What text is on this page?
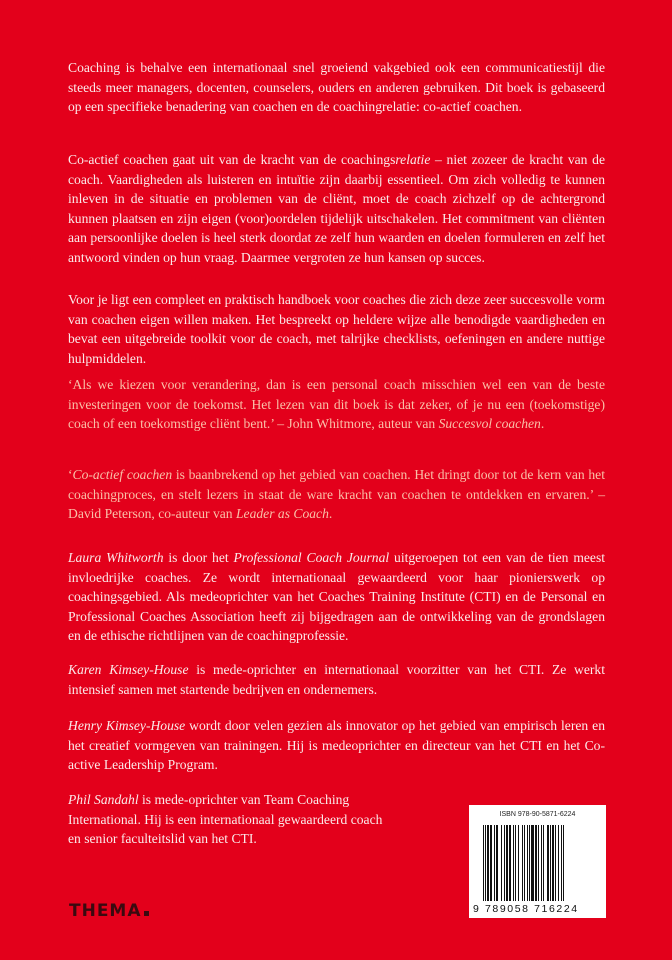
Coaching is behalve een internationaal snel groeiend vakgebied ook een communicatiestijl die steeds meer managers, docenten, counselers, ouders en anderen gebruiken. Dit boek is gebaseerd op een specifieke benadering van coachen en de coachingrelatie: co-actief coachen.

Co-actief coachen gaat uit van de kracht van de coachingsrelatie – niet zozeer de kracht van de coach. Vaardigheden als luisteren en intuïtie zijn daarbij essentieel. Om zich volledig te kunnen inleven in de situatie en problemen van de cliënt, moet de coach zichzelf op de achtergrond kunnen plaatsen en zijn eigen (voor)oordelen tijdelijk uitschakelen. Het commitment van cliënten aan persoonlijke doelen is heel sterk doordat ze zelf hun waarden en doelen formuleren en zelf het antwoord vinden op hun vraag. Daarmee vergroten ze hun kansen op succes.

Voor je ligt een compleet en praktisch handboek voor coaches die zich deze zeer succesvolle vorm van coachen eigen willen maken. Het bespreekt op heldere wijze alle benodigde vaardigheden en bevat een uitgebreide toolkit voor de coach, met talrijke checklists, oefeningen en andere nuttige hulpmiddelen.

‘Als we kiezen voor verandering, dan is een personal coach misschien wel een van de beste investeringen voor de toekomst. Het lezen van dit boek is dat zeker, of je nu een (toekomstige) coach of een toekomstige cliënt bent.’ – John Whitmore, auteur van Succesvol coachen.

‘Co-actief coachen is baanbrekend op het gebied van coachen. Het dringt door tot de kern van het coachingproces, en stelt lezers in staat de ware kracht van coachen te ontdekken en ervaren.’ – David Peterson, co-auteur van Leader as Coach.

Laura Whitworth is door het Professional Coach Journal uitgeroepen tot een van de tien meest invloedrijke coaches. Ze wordt internationaal gewaardeerd voor haar pionierswerk op coachingsgebied. Als medeoprichter van het Coaches Training Institute (CTI) en de Personal en Professional Coaches Association heeft zij bijgedragen aan de ontwikkeling van de grondslagen en de ethische richtlijnen van de coachingprofessie.

Karen Kimsey-House is mede-oprichter en internationaal voorzitter van het CTI. Ze werkt intensief samen met startende bedrijven en ondernemers.

Henry Kimsey-House wordt door velen gezien als innovator op het gebied van empirisch leren en het creatief vormgeven van trainingen. Hij is medeoprichter en directeur van het CTI en het Co-active Leadership Program.

Phil Sandahl is mede-oprichter van Team Coaching International. Hij is een internationaal gewaardeerd coach en senior faculteitslid van het CTI.

THEMA
ISBN 978-90-5871-6224
9 789058 716224
